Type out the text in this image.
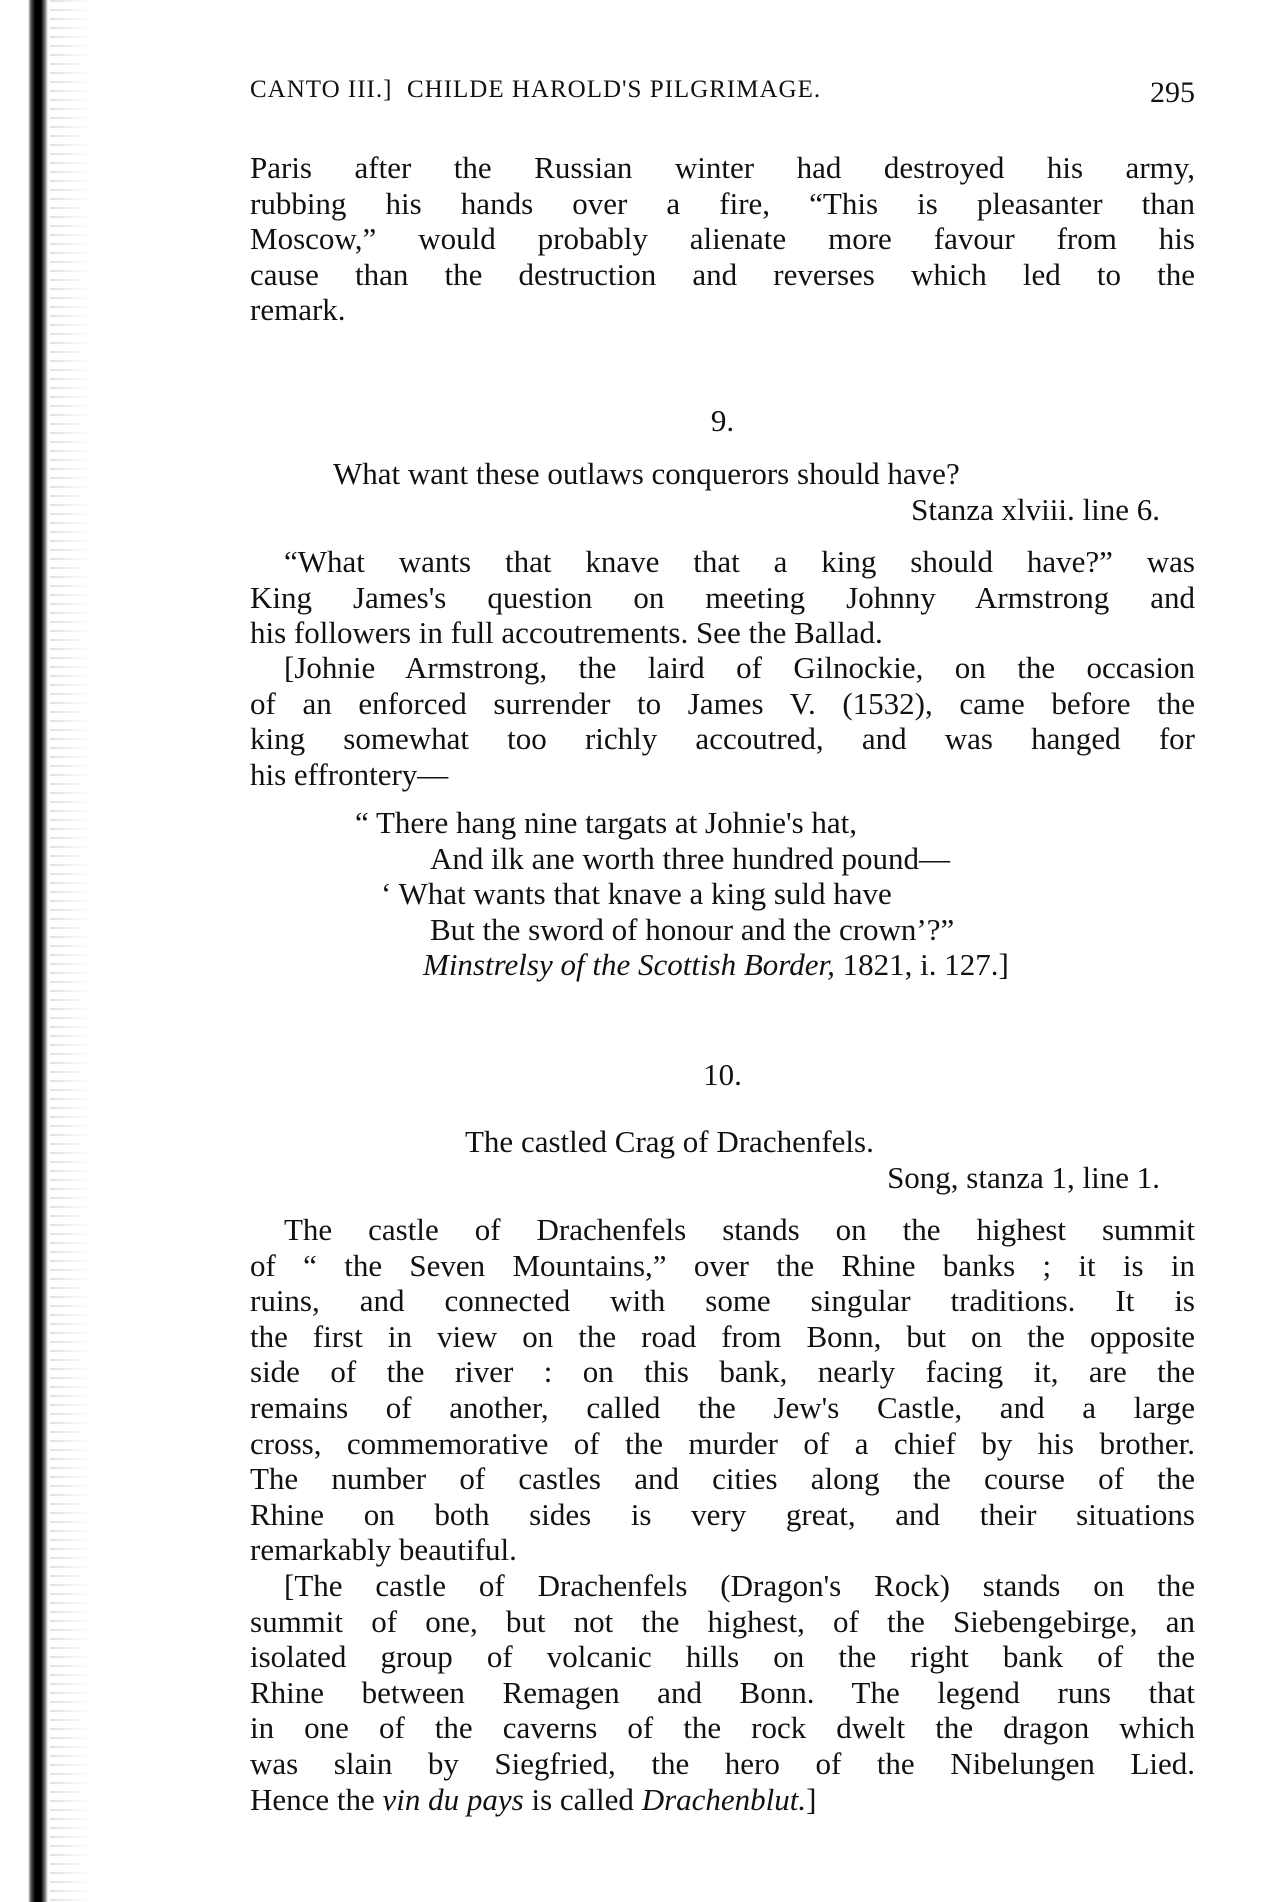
CANTO III.] CHILDE HAROLD'S PILGRIMAGE.	295
Paris after the Russian winter had destroyed his army,
rubbing his hands over a fire, “This is pleasanter than
Moscow,” would probably alienate more favour from his
cause than the destruction and reverses which led to the
remark.
9.
What want these outlaws conquerors should have?
Stanza xlviii. line 6.
“What wants that knave that a king should have?” was
King James's question on meeting Johnny Armstrong and
his followers in full accoutrements. See the Ballad.
[Johnie Armstrong, the laird of Gilnockie, on the occasion
of an enforced surrender to James V. (1532), came before the
king somewhat too richly accoutred, and was hanged for
his effrontery—
“ There hang nine targats at Johnie's hat,
And ilk ane worth three hundred pound—
‘ What wants that knave a king suld have
But the sword of honour and the crown’?”
Minstrelsy of the Scottish Border, 1821, i. 127.]
10.
The castled Crag of Drachenfels.
Song, stanza 1, line 1.
The castle of Drachenfels stands on the highest summit
of “ the Seven Mountains,” over the Rhine banks ; it is in
ruins, and connected with some singular traditions. It is
the first in view on the road from Bonn, but on the opposite
side of the river : on this bank, nearly facing it, are the
remains of another, called the Jew's Castle, and a large
cross, commemorative of the murder of a chief by his brother.
The number of castles and cities along the course of the
Rhine on both sides is very great, and their situations
remarkably beautiful.
[The castle of Drachenfels (Dragon's Rock) stands on the
summit of one, but not the highest, of the Siebengebirge, an
isolated group of volcanic hills on the right bank of the
Rhine between Remagen and Bonn. The legend runs that
in one of the caverns of the rock dwelt the dragon which
was slain by Siegfried, the hero of the Nibelungen Lied.
Hence the vin du pays is called Drachenblut.]
